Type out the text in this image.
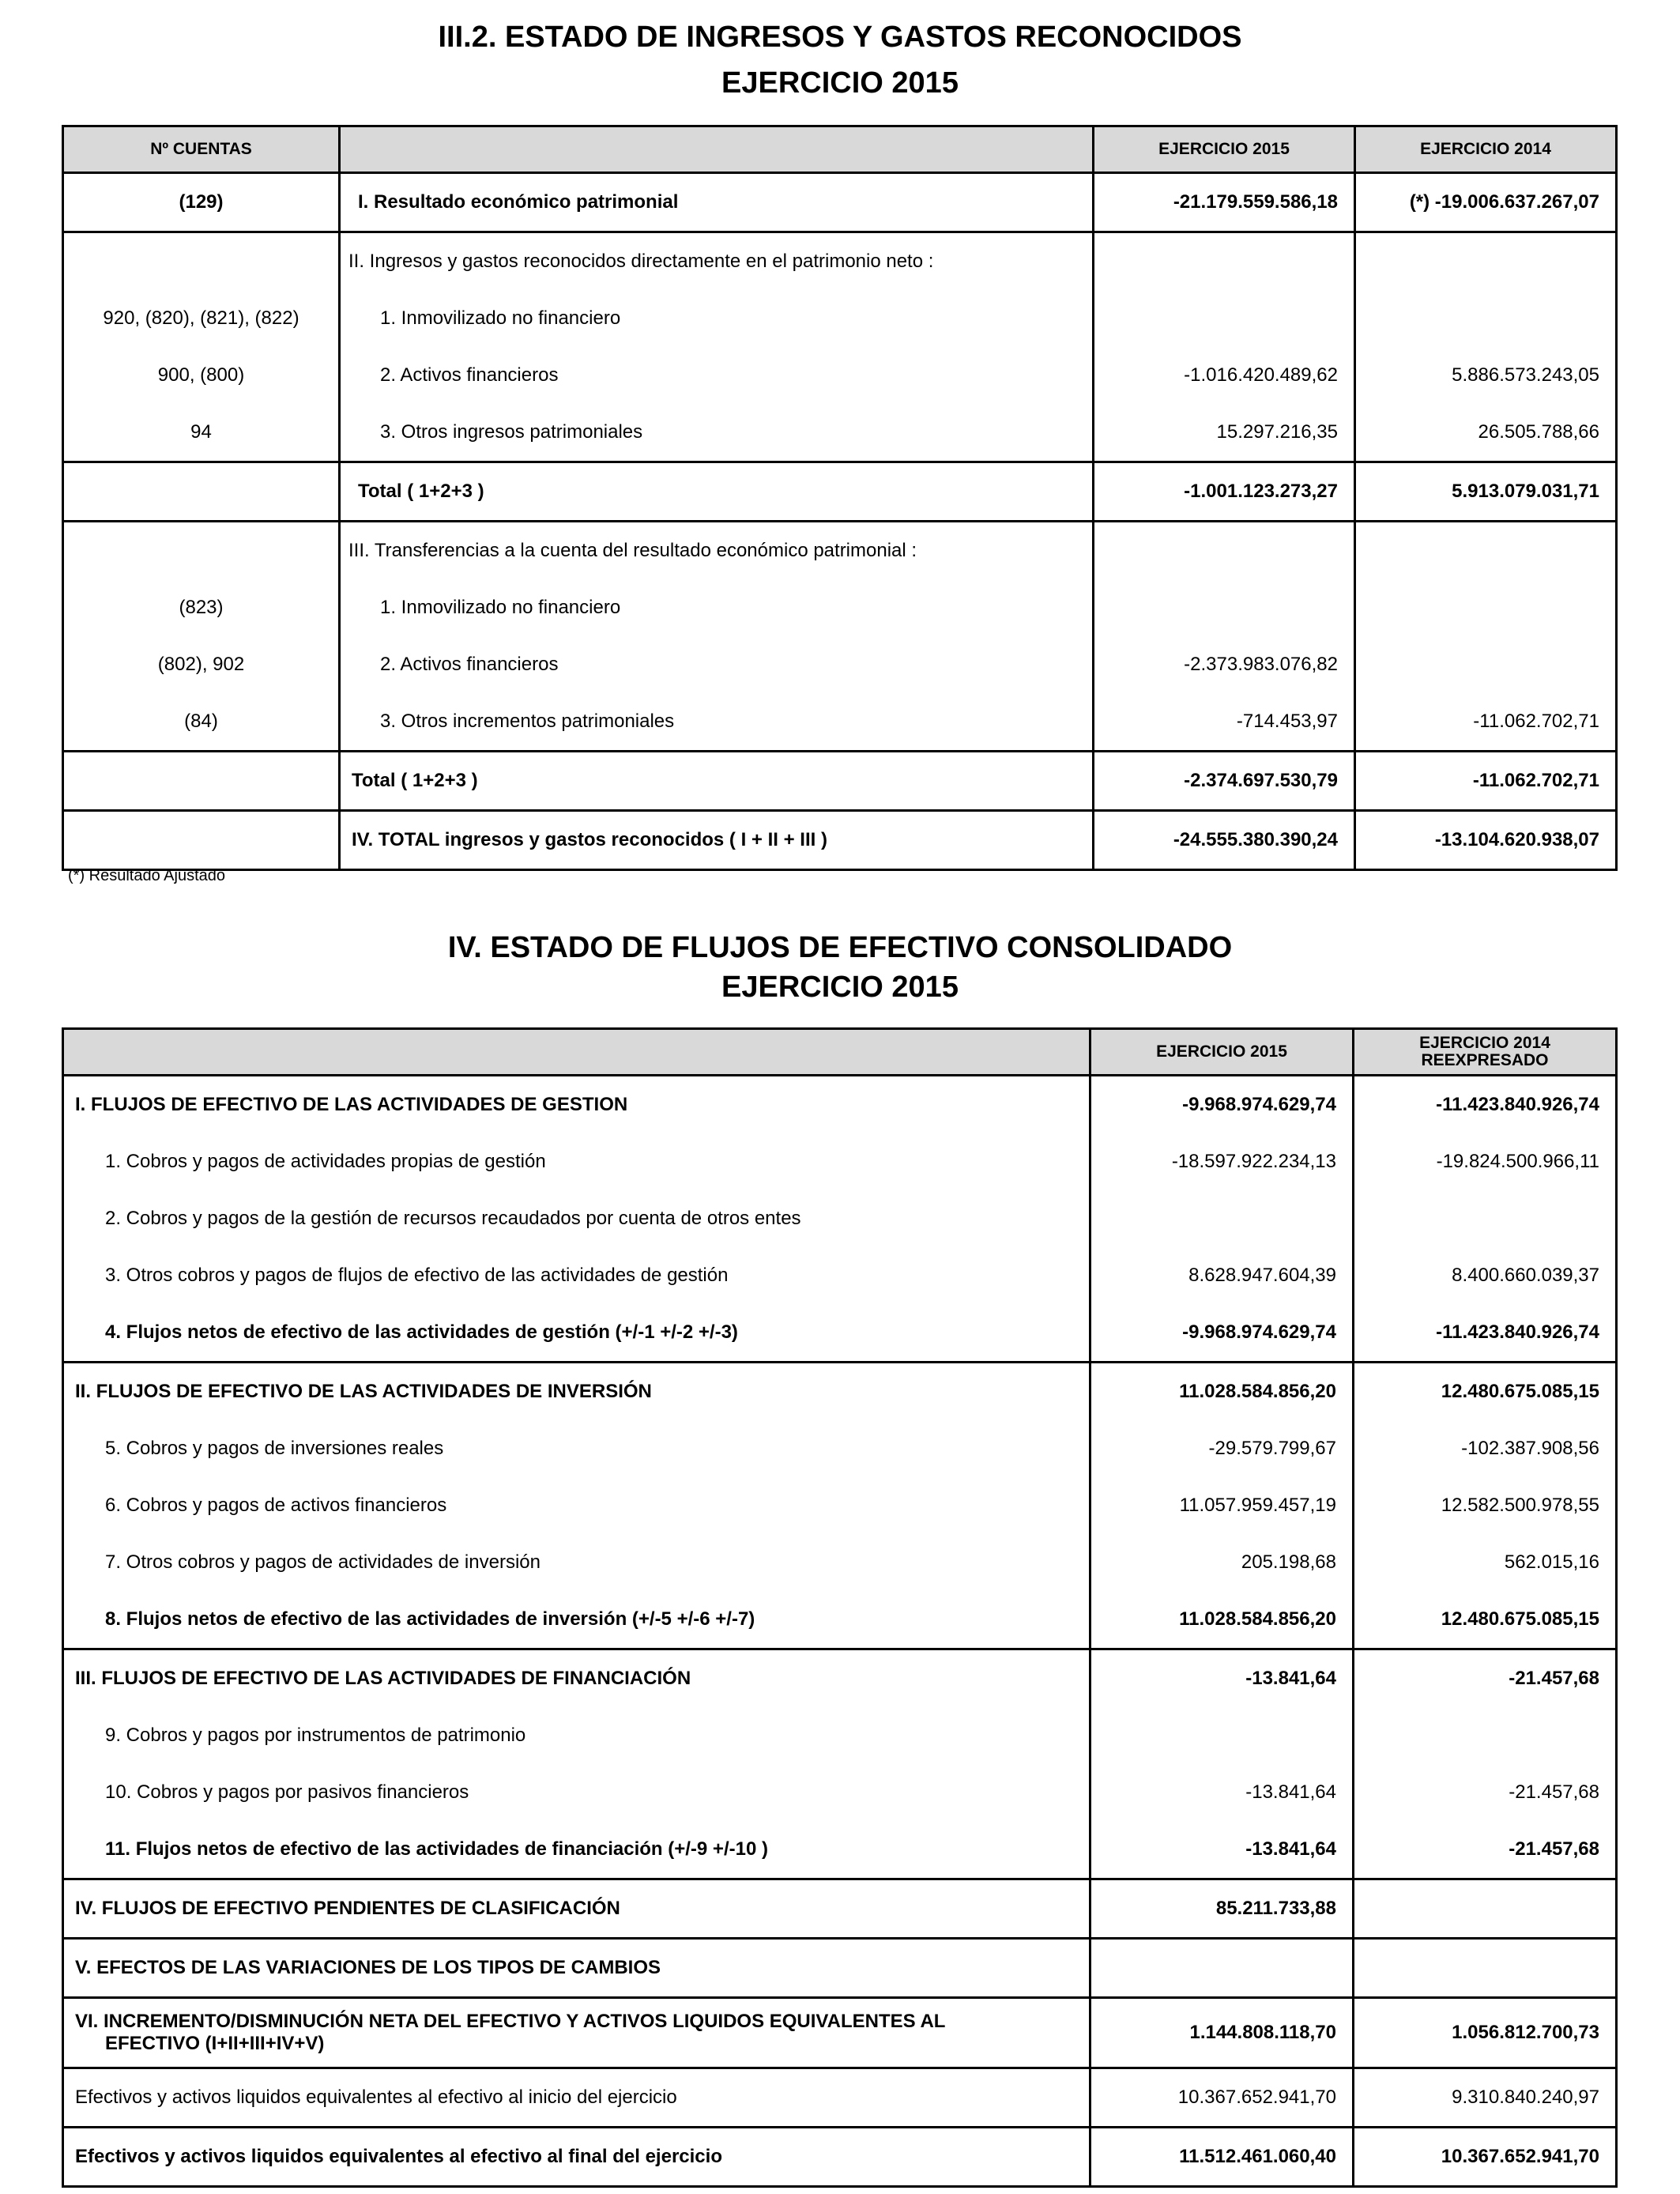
III.2. ESTADO DE INGRESOS Y GASTOS RECONOCIDOS
EJERCICIO 2015
Nº CUENTAS		EJERCICIO 2015	EJERCICIO 2014
(129)	I. Resultado económico patrimonial	-21.179.559.586,18	(*) -19.006.637.267,07
	II. Ingresos y gastos reconocidos directamente en el patrimonio neto :		
920, (820), (821), (822)	1. Inmovilizado no financiero		
900, (800)	2. Activos financieros	-1.016.420.489,62	5.886.573.243,05
94	3. Otros ingresos patrimoniales	15.297.216,35	26.505.788,66
	Total ( 1+2+3 )	-1.001.123.273,27	5.913.079.031,71
	III. Transferencias a la cuenta del resultado económico patrimonial :		
(823)	1. Inmovilizado no financiero		
(802), 902	2. Activos financieros	-2.373.983.076,82	
(84)	3. Otros incrementos patrimoniales	-714.453,97	-11.062.702,71
	Total ( 1+2+3 )	-2.374.697.530,79	-11.062.702,71
	IV. TOTAL ingresos y gastos reconocidos ( I + II + III )	-24.555.380.390,24	-13.104.620.938,07
(*) Resultado Ajustado
IV. ESTADO DE FLUJOS DE EFECTIVO CONSOLIDADO
EJERCICIO 2015
	EJERCICIO 2015	EJERCICIO 2014
REEXPRESADO

I. FLUJOS DE EFECTIVO DE LAS ACTIVIDADES DE GESTION	-9.968.974.629,74	-11.423.840.926,74
1. Cobros y pagos de actividades propias de gestión	-18.597.922.234,13	-19.824.500.966,11
2. Cobros y pagos de la gestión de recursos recaudados por cuenta de otros entes		
3. Otros cobros y pagos de flujos de efectivo de las actividades de gestión	8.628.947.604,39	8.400.660.039,37
4. Flujos netos de efectivo de las actividades de gestión (+/-1 +/-2 +/-3)	-9.968.974.629,74	-11.423.840.926,74
II. FLUJOS DE EFECTIVO DE LAS ACTIVIDADES DE INVERSIÓN	11.028.584.856,20	12.480.675.085,15
5. Cobros y pagos de inversiones reales	-29.579.799,67	-102.387.908,56
6. Cobros y pagos de activos financieros	11.057.959.457,19	12.582.500.978,55
7. Otros cobros y pagos de actividades de inversión	205.198,68	562.015,16
8. Flujos netos de efectivo de las actividades de inversión (+/-5 +/-6 +/-7)	11.028.584.856,20	12.480.675.085,15
III. FLUJOS DE EFECTIVO DE LAS ACTIVIDADES DE FINANCIACIÓN	-13.841,64	-21.457,68
9. Cobros y pagos por instrumentos de patrimonio		
10. Cobros y pagos por pasivos financieros	-13.841,64	-21.457,68
11. Flujos netos de efectivo de las actividades de financiación (+/-9 +/-10 )	-13.841,64	-21.457,68
IV. FLUJOS DE EFECTIVO PENDIENTES DE CLASIFICACIÓN	85.211.733,88	
V. EFECTOS DE LAS VARIACIONES DE LOS TIPOS DE CAMBIOS		

VI. INCREMENTO/DISMINUCIÓN NETA DEL EFECTIVO Y ACTIVOS LIQUIDOS EQUIVALENTES AL
EFECTIVO (I+II+III+IV+V)	1.144.808.118,70	1.056.812.700,73
Efectivos y activos liquidos equivalentes al efectivo al inicio del ejercicio	10.367.652.941,70	9.310.840.240,97
Efectivos y activos liquidos equivalentes al efectivo al final del ejercicio	11.512.461.060,40	10.367.652.941,70
